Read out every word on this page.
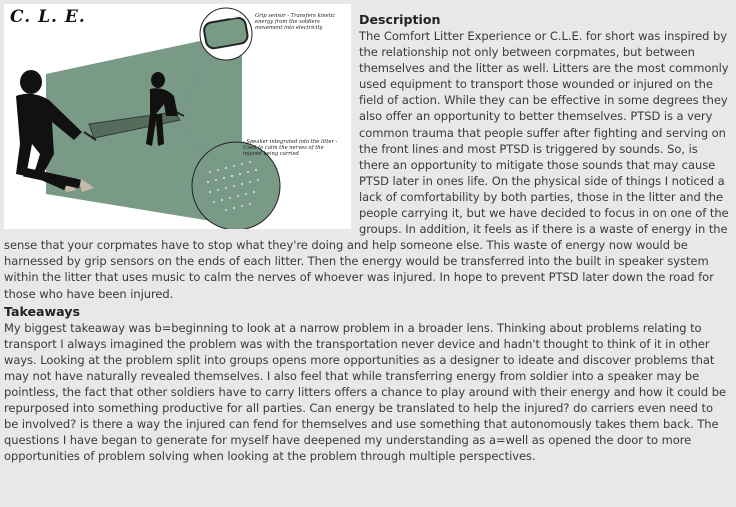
C. L. E.	Grip sensor - Transfers kinetic energy from the soldiers movement into electricity
- Speaker integrated into the litter - Used to calm the nerves of the injured being carried
Description

The Comfort Litter Experience or C.L.E. for short was inspired by the relationship not only between corpmates, but between themselves and the litter as well. Litters are the most commonly used equipment to transport those wounded or injured on the field of action. While they can be effective in some degrees they also offer an opportunity to better themselves. PTSD is a very common trauma that people suffer after fighting and serving on the front lines and most PTSD is triggered by sounds. So, is there an opportunity to mitigate those sounds that may cause PTSD later in ones life. On the physical side of things I noticed a lack of comfortability by both parties, those in the litter and the people carrying it, but we have decided to focus in on one of the groups. In addition, it feels as if there is a waste of energy in the sense that your corpmates have to stop what they're doing and help someone else. This waste of energy now would be harnessed by grip sensors on the ends of each litter. Then the energy would be transferred into the built in speaker system within the litter that uses music to calm the nerves of whoever was injured. In hope to prevent PTSD later down the road for those who have been injured.

Takeaways

My biggest takeaway was b=beginning to look at a narrow problem in a broader lens. Thinking about problems relating to transport I always imagined the problem was with the transportation never device and hadn't thought to think of it in other ways. Looking at the problem split into groups opens more opportunities as a designer to ideate and discover problems that may not have naturally revealed themselves. I also feel that while transferring energy from soldier into a speaker may be pointless, the fact that other soldiers have to carry litters offers a chance to play around with their energy and how it could be repurposed into something productive for all parties. Can energy be translated to help the injured? do carriers even need to be involved? is there a way the injured can fend for themselves and use something that autonomously takes them back. The questions I have began to generate for myself have deepened my understanding as a=well as opened the door to more opportunities of problem solving when looking at the problem through multiple perspectives.
